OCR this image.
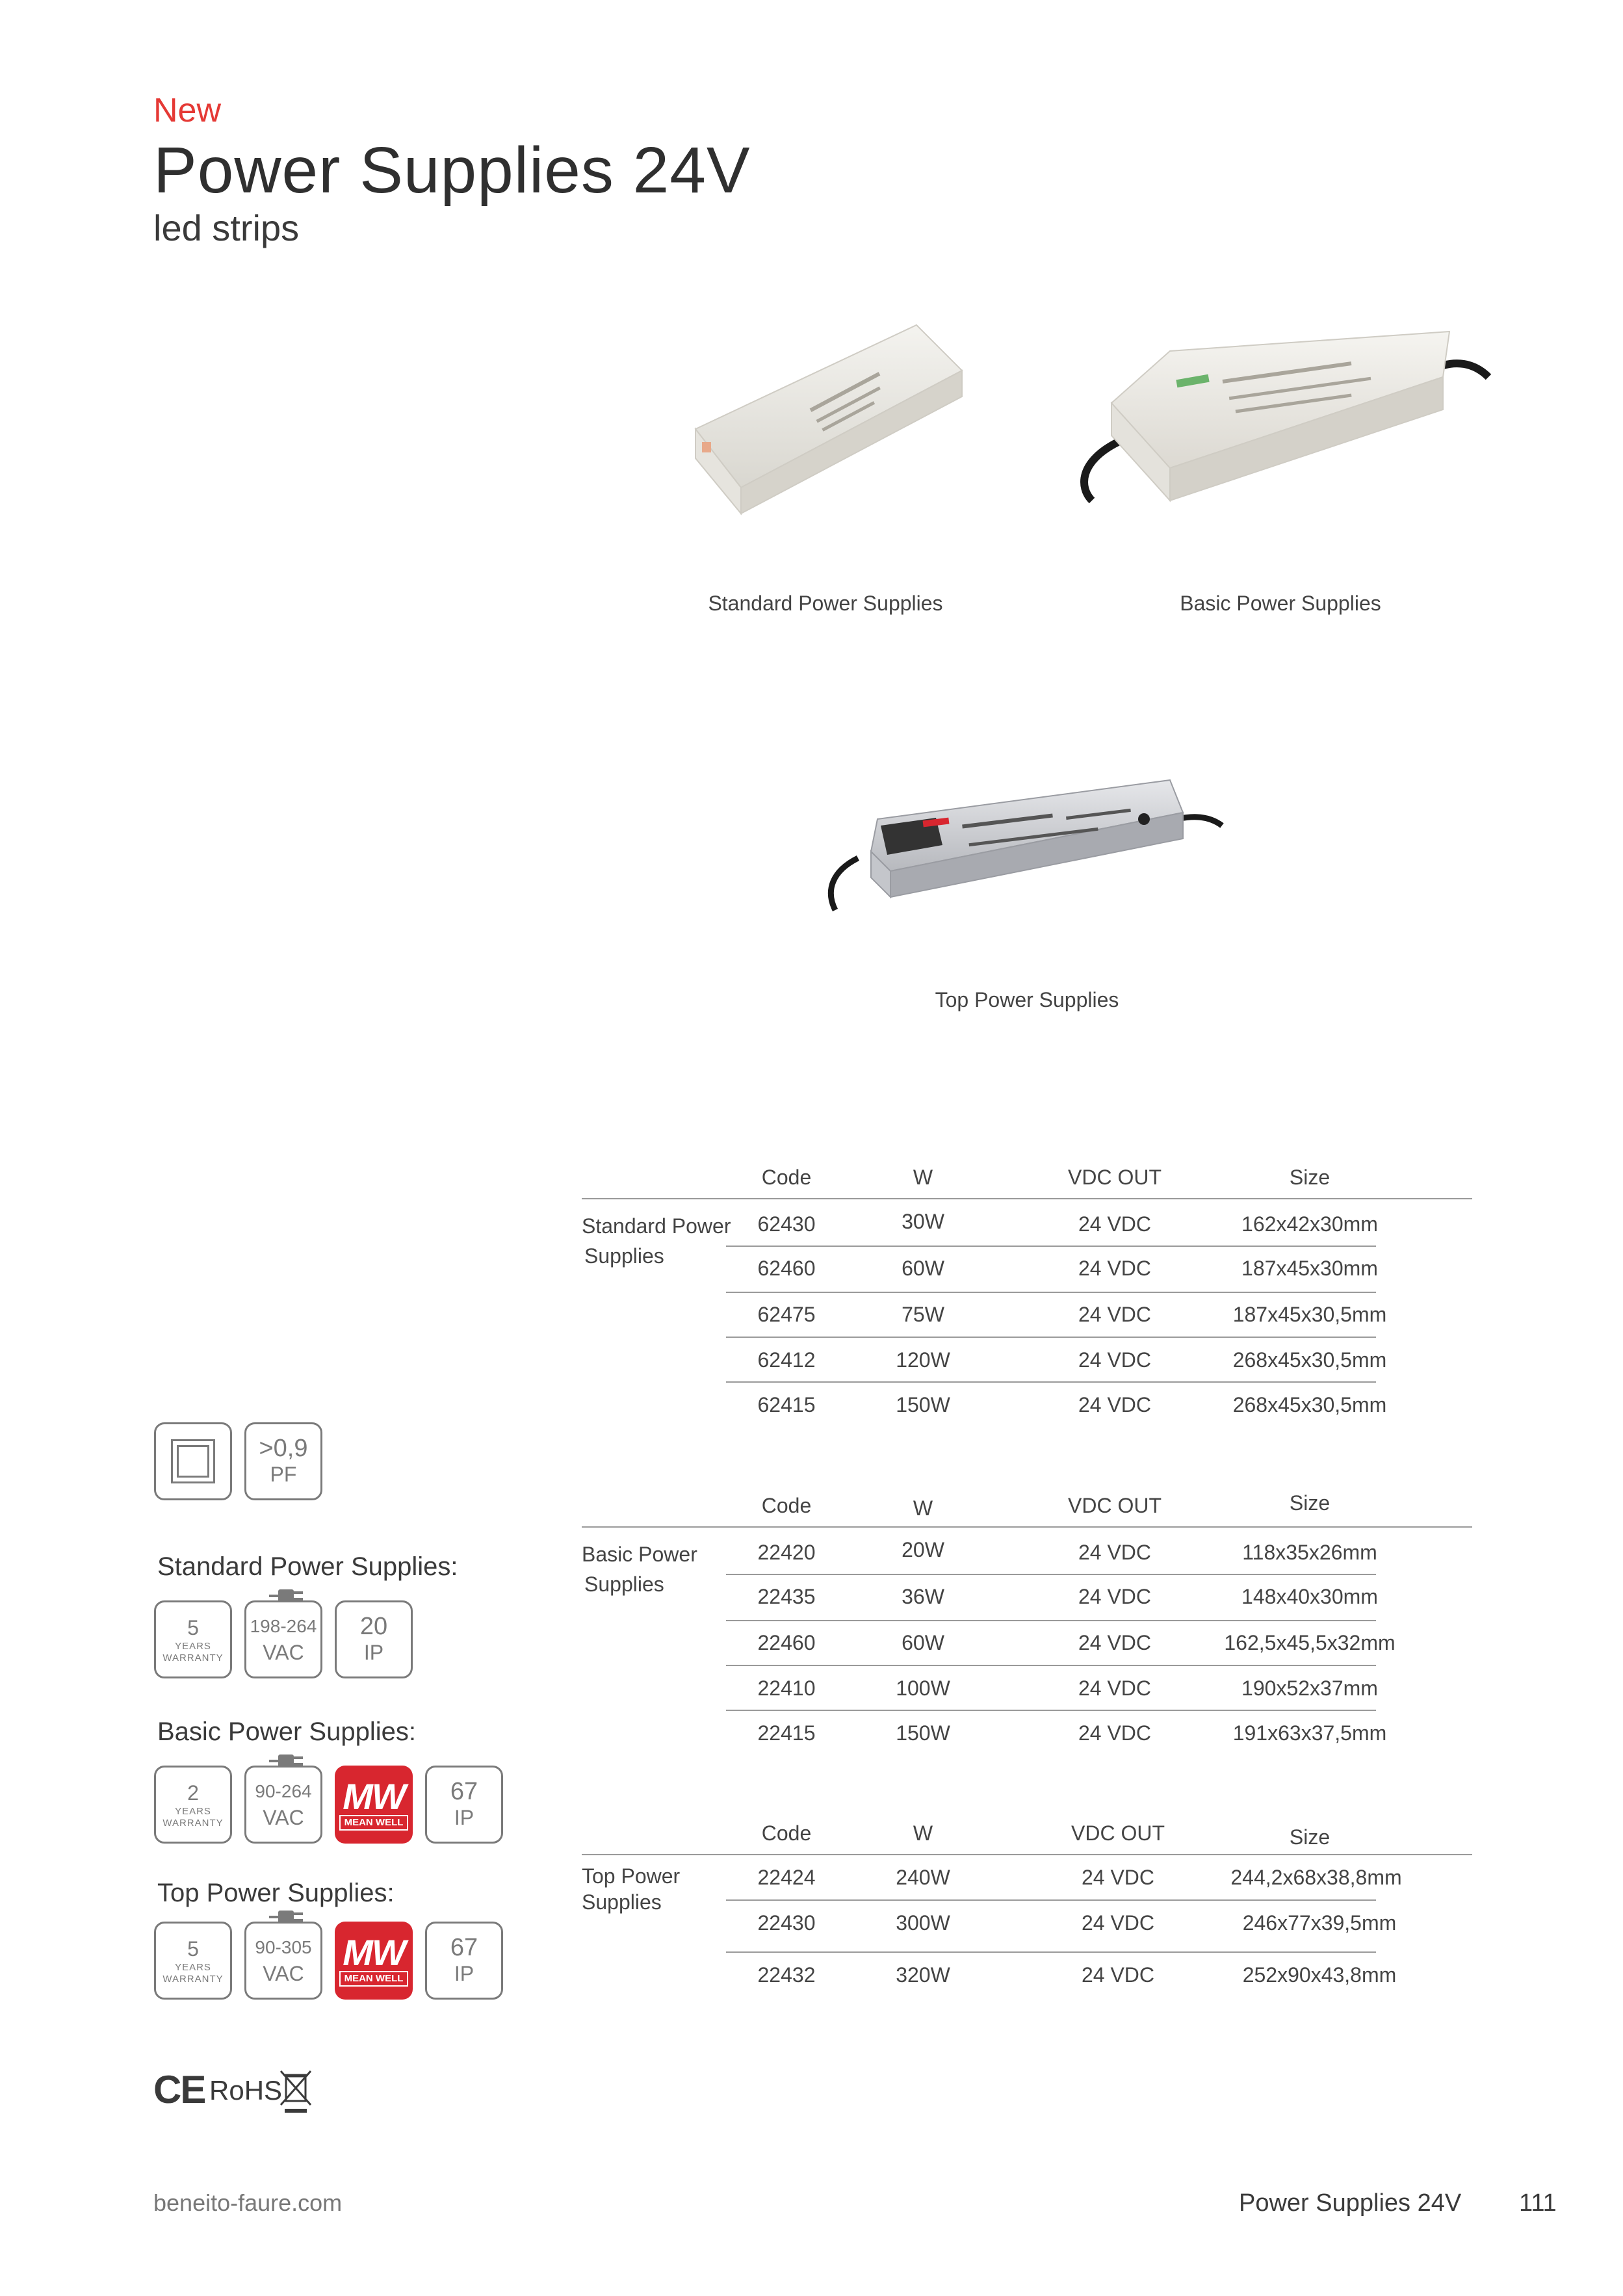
New
Power Supplies 24V
led strips
Standard Power Supplies	Basic Power Supplies
Top Power Supplies
Code	W	VDC OUT	Size
Standard Power
Supplies
62430	30W	24 VDC	162x42x30mm
62460	60W	24 VDC	187x45x30mm
62475	75W	24 VDC	187x45x30,5mm
62412	120W	24 VDC	268x45x30,5mm
62415	150W	24 VDC	268x45x30,5mm
Code	W	VDC OUT	Size
Basic Power
Supplies
22420	20W	24 VDC	118x35x26mm
22435	36W	24 VDC	148x40x30mm
22460	60W	24 VDC	162,5x45,5x32mm
22410	100W	24 VDC	190x52x37mm
22415	150W	24 VDC	191x63x37,5mm
Code	W	VDC OUT	Size
Top Power
Supplies
22424	240W	24 VDC	244,2x68x38,8mm
22430	300W	24 VDC	246x77x39,5mm
22432	320W	24 VDC	252x90x43,8mm
>0,9
PF
Standard Power Supplies:
5
YEARS
WARRANTY
198-264
VAC
20
IP
Basic Power Supplies:
2
YEARS
WARRANTY
90-264
VAC
MW
MEAN WELL
67
IP
Top Power Supplies:
5
YEARS
WARRANTY
90-305
VAC
MW
MEAN WELL
67
IP
CE RoHS
beneito-faure.com	Power Supplies 24V 111
